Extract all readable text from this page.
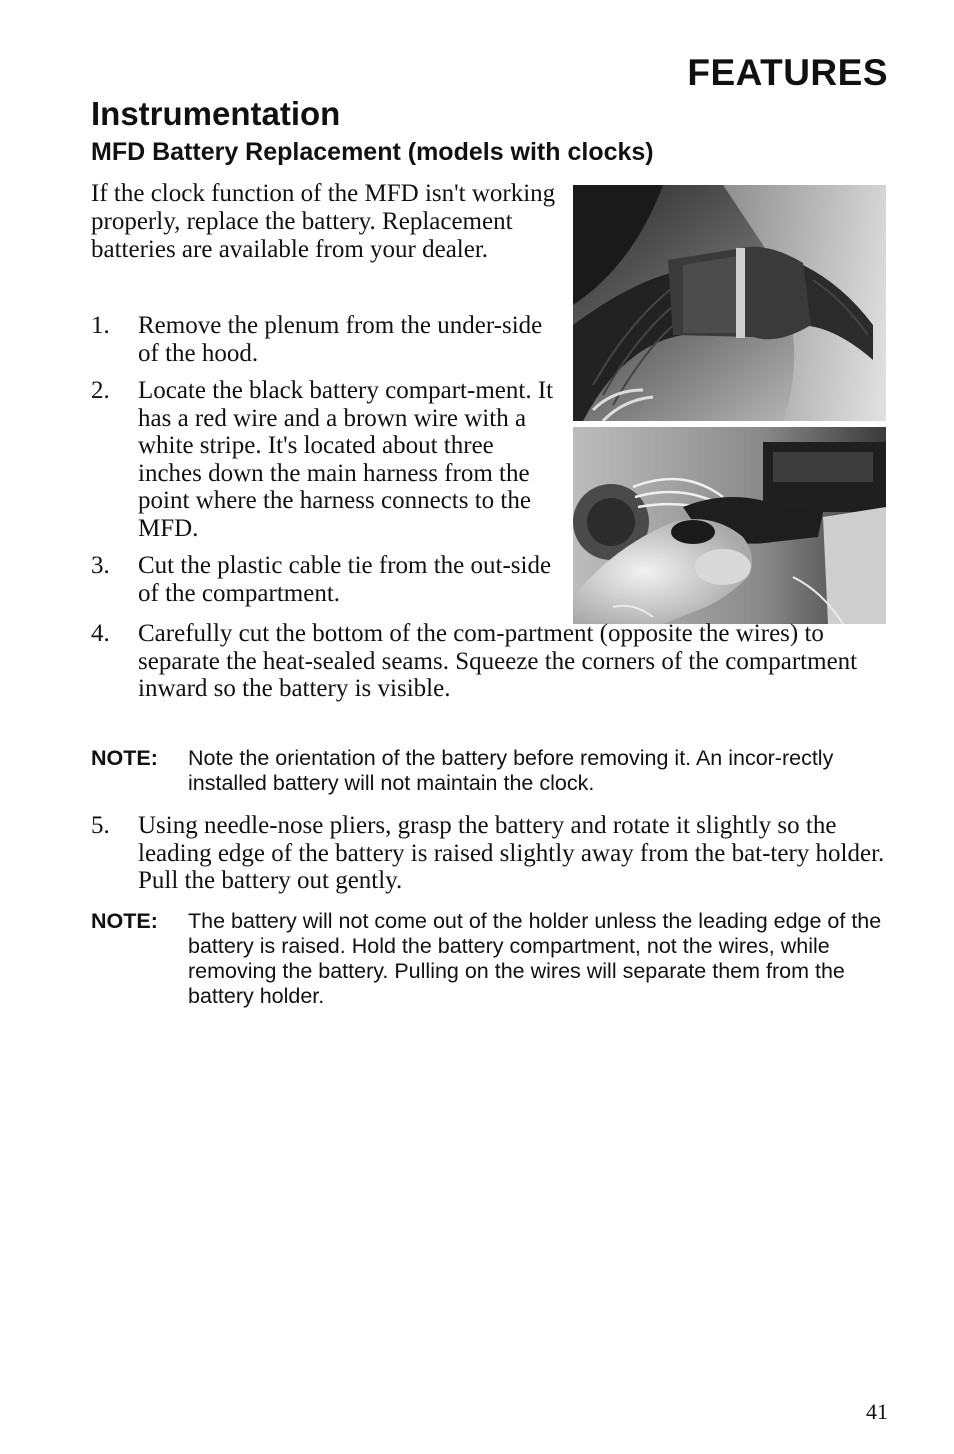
FEATURES
Instrumentation
MFD Battery Replacement (models with clocks)
If the clock function of the MFD isn't working properly, replace the battery. Replacement batteries are available from your dealer.
1. Remove the plenum from the under-side of the hood.
2. Locate the black battery compart-ment. It has a red wire and a brown wire with a white stripe. It's located about three inches down the main harness from the point where the harness connects to the MFD.
3. Cut the plastic cable tie from the out-side of the compartment.
4. Carefully cut the bottom of the com-partment (opposite the wires) to separate the heat-sealed seams. Squeeze the corners of the compartment inward so the battery is visible.
NOTE:	Note the orientation of the battery before removing it. An incor-rectly installed battery will not maintain the clock.
5. Using needle-nose pliers, grasp the battery and rotate it slightly so the leading edge of the battery is raised slightly away from the bat-tery holder. Pull the battery out gently.
NOTE:	The battery will not come out of the holder unless the leading edge of the battery is raised. Hold the battery compartment, not the wires, while removing the battery. Pulling on the wires will separate them from the battery holder.
41
